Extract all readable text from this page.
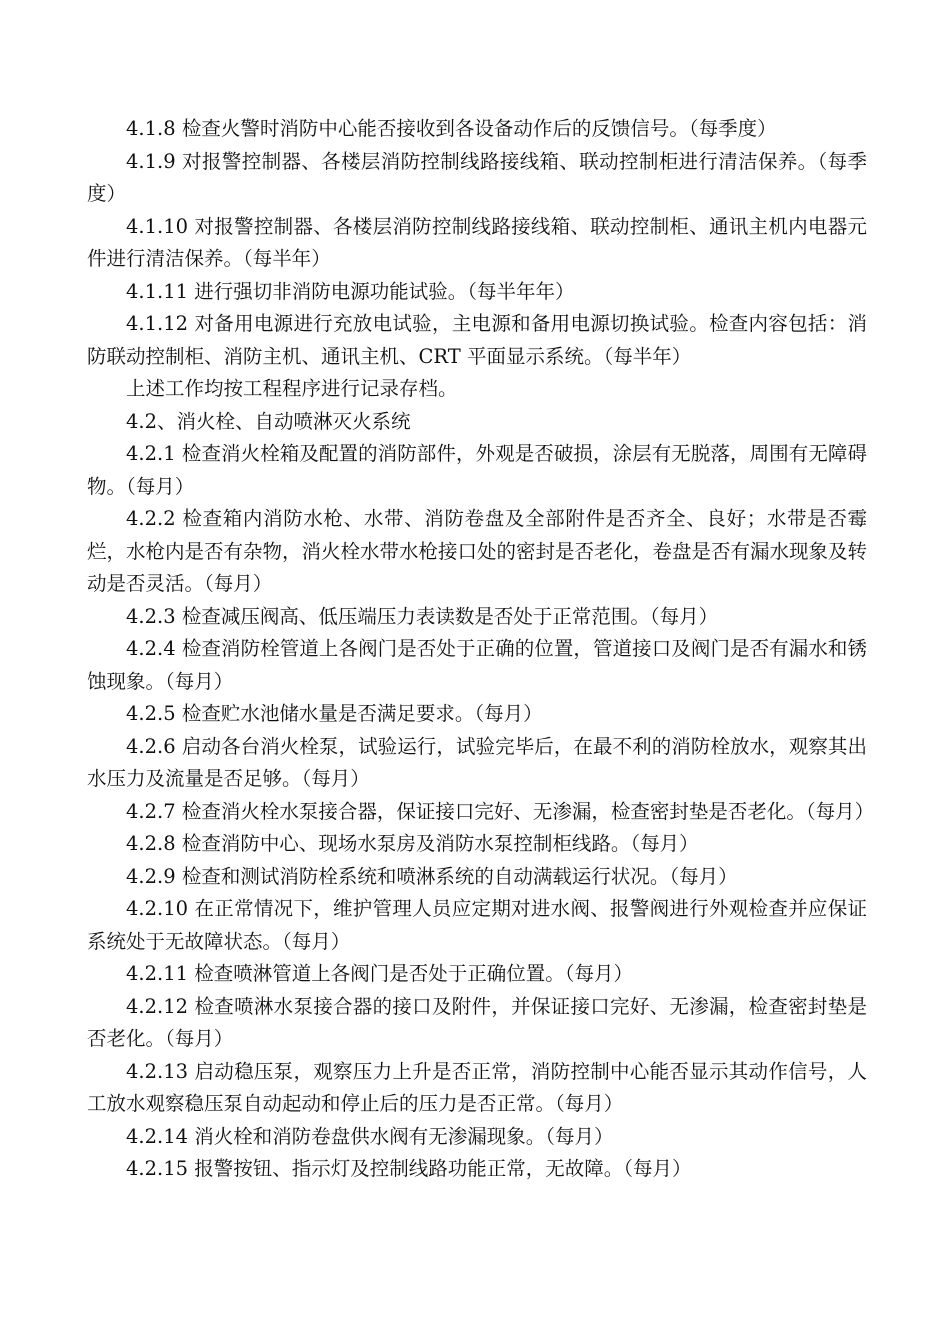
4.1.8 检查火警时消防中心能否接收到各设备动作后的反馈信号。（每季度）

4.1.9 对报警控制器、各楼层消防控制线路接线箱、联动控制柜进行清洁保养。（每季度）

4.1.10 对报警控制器、各楼层消防控制线路接线箱、联动控制柜、通讯主机内电器元件进行清洁保养。（每半年）

4.1.11 进行强切非消防电源功能试验。（每半年年）

4.1.12 对备用电源进行充放电试验，主电源和备用电源切换试验。检查内容包括：消防联动控制柜、消防主机、通讯主机、CRT 平面显示系统。（每半年）

上述工作均按工程程序进行记录存档。

4.2、消火栓、自动喷淋灭火系统

4.2.1 检查消火栓箱及配置的消防部件，外观是否破损，涂层有无脱落，周围有无障碍物。（每月）

4.2.2 检查箱内消防水枪、水带、消防卷盘及全部附件是否齐全、良好；水带是否霉烂，水枪内是否有杂物，消火栓水带水枪接口处的密封是否老化，卷盘是否有漏水现象及转动是否灵活。（每月）

4.2.3 检查减压阀高、低压端压力表读数是否处于正常范围。（每月）

4.2.4 检查消防栓管道上各阀门是否处于正确的位置，管道接口及阀门是否有漏水和锈蚀现象。（每月）

4.2.5 检查贮水池储水量是否满足要求。（每月）

4.2.6 启动各台消火栓泵，试验运行，试验完毕后，在最不利的消防栓放水，观察其出水压力及流量是否足够。（每月）

4.2.7 检查消火栓水泵接合器，保证接口完好、无渗漏，检查密封垫是否老化。（每月）

4.2.8 检查消防中心、现场水泵房及消防水泵控制柜线路。（每月）

4.2.9 检查和测试消防栓系统和喷淋系统的自动满载运行状况。（每月）

4.2.10 在正常情况下，维护管理人员应定期对进水阀、报警阀进行外观检查并应保证系统处于无故障状态。（每月）

4.2.11 检查喷淋管道上各阀门是否处于正确位置。（每月）

4.2.12 检查喷淋水泵接合器的接口及附件，并保证接口完好、无渗漏，检查密封垫是否老化。（每月）

4.2.13 启动稳压泵，观察压力上升是否正常，消防控制中心能否显示其动作信号，人工放水观察稳压泵自动起动和停止后的压力是否正常。（每月）

4.2.14 消火栓和消防卷盘供水阀有无渗漏现象。（每月）

4.2.15 报警按钮、指示灯及控制线路功能正常，无故障。（每月）
